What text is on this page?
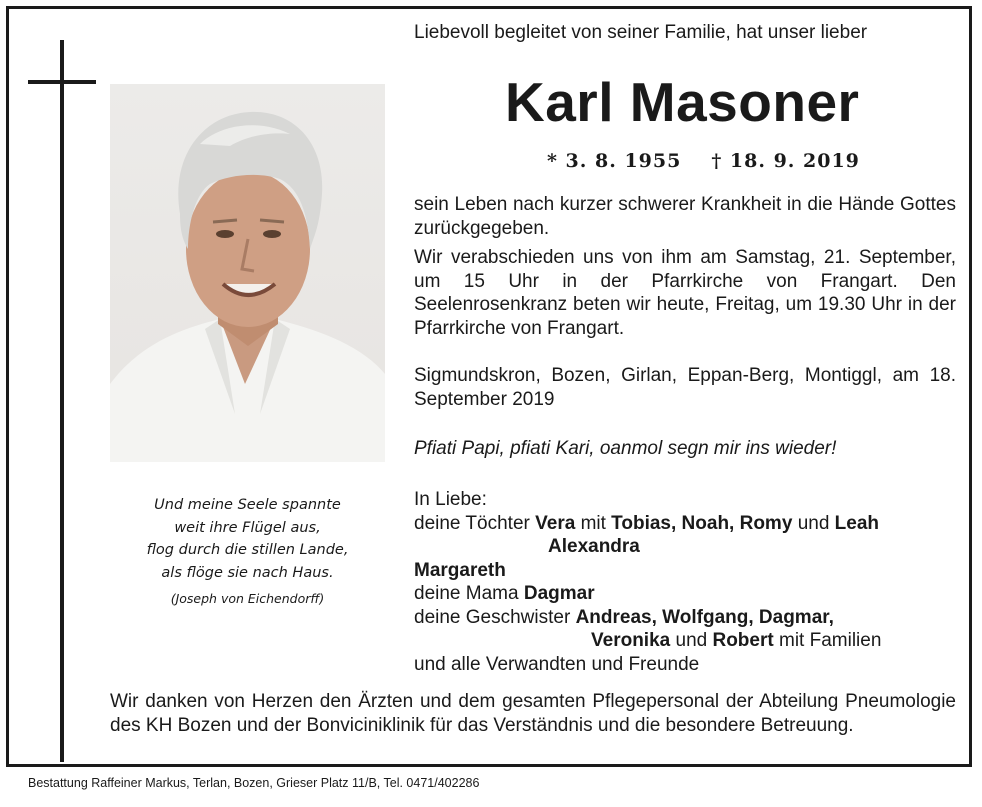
Und meine Seele spannte
weit ihre Flügel aus,
flog durch die stillen Lande,
als flöge sie nach Haus.
(Joseph von Eichendorff)
Liebevoll begleitet von seiner Familie, hat unser lieber
Karl Masoner
* 3. 8. 1955 † 18. 9. 2019
sein Leben nach kurzer schwerer Krankheit in die Hände Gottes zurückgegeben.
Wir verabschieden uns von ihm am Samstag, 21. September, um 15 Uhr in der Pfarrkirche von Frangart. Den Seelenrosenkranz beten wir heute, Freitag, um 19.30 Uhr in der Pfarrkirche von Frangart.
Sigmundskron, Bozen, Girlan, Eppan-Berg, Montiggl, am 18. September 2019
Pfiati Papi, pfiati Kari, oanmol segn mir ins wieder!
In Liebe:
deine Töchter Vera mit Tobias, Noah, Romy und Leah
Alexandra
Margareth
deine Mama Dagmar
deine Geschwister Andreas, Wolfgang, Dagmar,
Veronika und Robert mit Familien
und alle Verwandten und Freunde
Wir danken von Herzen den Ärzten und dem gesamten Pflegepersonal der Abteilung Pneumologie des KH Bozen und der Bonviciniklinik für das Verständnis und die besondere Betreuung.
Bestattung Raffeiner Markus, Terlan, Bozen, Grieser Platz 11/B, Tel. 0471/402286
